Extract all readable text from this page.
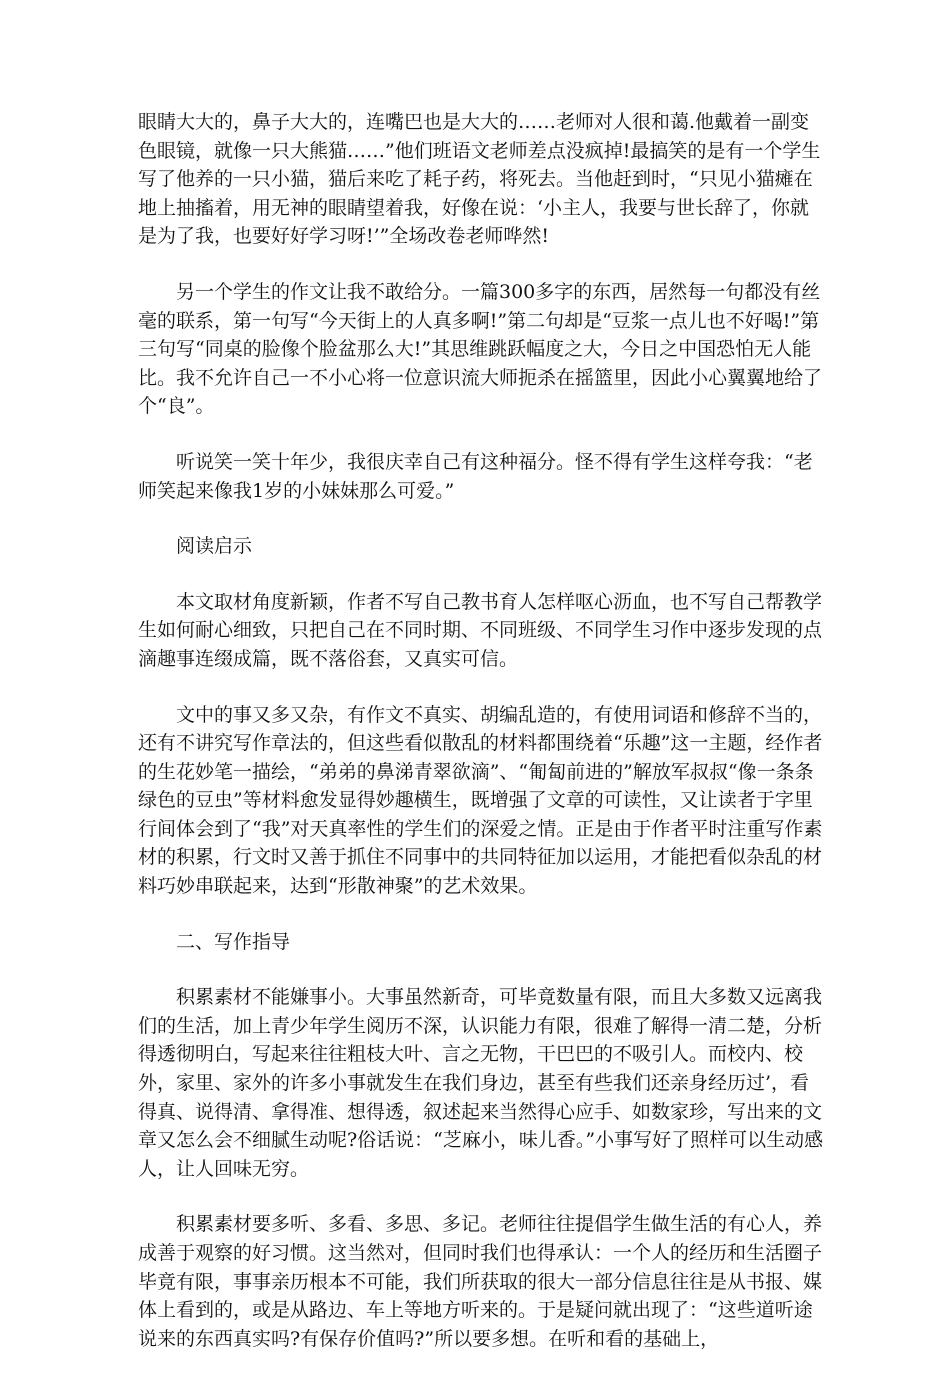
眼睛大大的，鼻子大大的，连嘴巴也是大大的……老师对人很和蔼.他戴着一副变色眼镜，就像一只大熊猫……”他们班语文老师差点没疯掉!最搞笑的是有一个学生写了他养的一只小猫，猫后来吃了耗子药，将死去。当他赶到时，“只见小猫瘫在地上抽搐着，用无神的眼睛望着我，好像在说：‘小主人，我要与世长辞了，你就是为了我，也要好好学习呀!’”全场改卷老师哗然!

另一个学生的作文让我不敢给分。一篇300多字的东西，居然每一句都没有丝毫的联系，第一句写“今天街上的人真多啊!”第二句却是“豆浆一点儿也不好喝!”第三句写“同桌的脸像个脸盆那么大!”其思维跳跃幅度之大，今日之中国恐怕无人能比。我不允许自己一不小心将一位意识流大师扼杀在摇篮里，因此小心翼翼地给了个“良”。

听说笑一笑十年少，我很庆幸自己有这种福分。怪不得有学生这样夸我：“老师笑起来像我1岁的小妹妹那么可爱。”

阅读启示

本文取材角度新颖，作者不写自己教书育人怎样呕心沥血，也不写自己帮教学生如何耐心细致，只把自己在不同时期、不同班级、不同学生习作中逐步发现的点滴趣事连缀成篇，既不落俗套，又真实可信。

文中的事又多又杂，有作文不真实、胡编乱造的，有使用词语和修辞不当的，还有不讲究写作章法的，但这些看似散乱的材料都围绕着“乐趣”这一主题，经作者的生花妙笔一描绘，“弟弟的鼻涕青翠欲滴”、“匍匐前进的”解放军叔叔“像一条条绿色的豆虫”等材料愈发显得妙趣横生，既增强了文章的可读性，又让读者于字里行间体会到了“我”对天真率性的学生们的深爱之情。正是由于作者平时注重写作素材的积累，行文时又善于抓住不同事中的共同特征加以运用，才能把看似杂乱的材料巧妙串联起来，达到“形散神聚”的艺术效果。

二、写作指导

积累素材不能嫌事小。大事虽然新奇，可毕竟数量有限，而且大多数又远离我们的生活，加上青少年学生阅历不深，认识能力有限，很难了解得一清二楚，分析得透彻明白，写起来往往粗枝大叶、言之无物，干巴巴的不吸引人。而校内、校外，家里、家外的许多小事就发生在我们身边，甚至有些我们还亲身经历过’，看得真、说得清、拿得准、想得透，叙述起来当然得心应手、如数家珍，写出来的文章又怎么会不细腻生动呢?俗话说：“芝麻小，味儿香。”小事写好了照样可以生动感人，让人回味无穷。

积累素材要多听、多看、多思、多记。老师往往提倡学生做生活的有心人，养成善于观察的好习惯。这当然对，但同时我们也得承认：一个人的经历和生活圈子毕竟有限，事事亲历根本不可能，我们所获取的很大一部分信息往往是从书报、媒体上看到的，或是从路边、车上等地方听来的。于是疑问就出现了：“这些道听途说来的东西真实吗?有保存价值吗?”所以要多想。在听和看的基础上，
